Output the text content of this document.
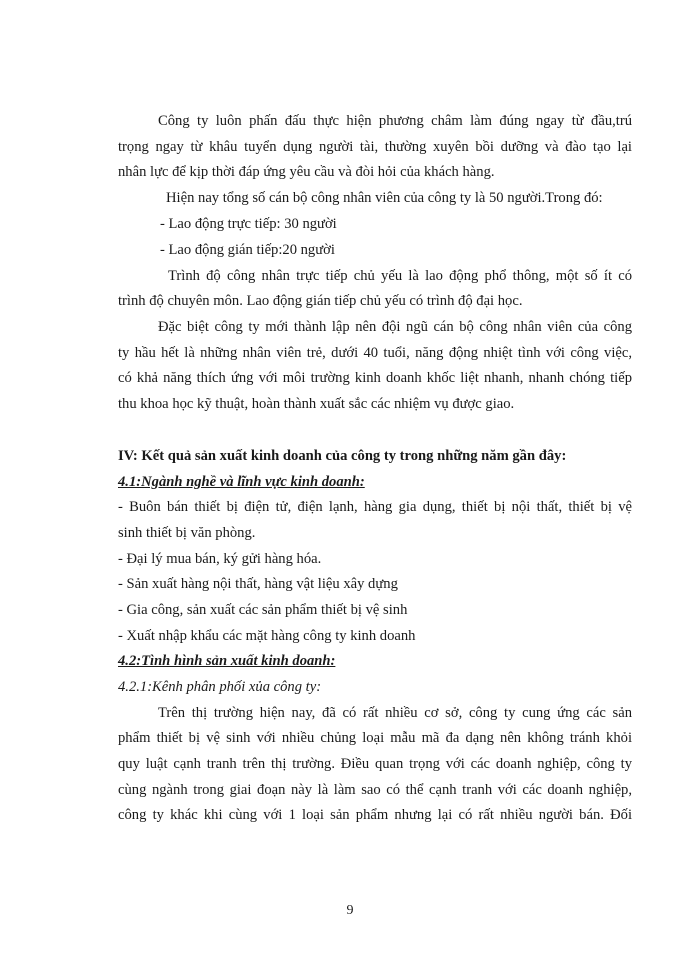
Công ty luôn phấn đấu thực hiện phương châm làm đúng ngay từ đầu,trú
trọng ngay từ khâu tuyển dụng người tài, thường xuyên bồi dưỡng và đào tạo lại
nhân lực để kịp thời đáp ứng yêu cầu và đòi hỏi của khách hàng.
Hiện nay tổng số cán bộ công nhân viên của công ty là 50 người.Trong đó:
- Lao động trực tiếp: 30 người
- Lao động gián tiếp:20 người
Trình độ công nhân trực tiếp chủ yếu là lao động phổ thông, một số ít có
trình độ chuyên môn. Lao động gián tiếp chủ yếu có trình độ đại học.
Đặc biệt công ty mới thành lập nên đội ngũ cán bộ công nhân viên của công
ty hầu hết là những nhân viên trẻ, dưới 40 tuổi, năng động nhiệt tình với công việc,
có khả năng thích ứng với môi trường kinh doanh khốc liệt nhanh, nhanh chóng tiếp
thu khoa học kỹ thuật, hoàn thành xuất sắc các nhiệm vụ được giao.
IV: Kết quả sản xuất kinh doanh của công ty trong những năm gần đây:
4.1:Ngành nghề và lĩnh vực kinh doanh:
- Buôn bán thiết bị điện tử, điện lạnh, hàng gia dụng, thiết bị nội thất, thiết bị vệ
sinh thiết bị văn phòng.
- Đại lý mua bán, ký gửi hàng hóa.
- Sản xuất hàng nội thất, hàng vật liệu xây dựng
- Gia công, sản xuất các sản phẩm thiết bị vệ sinh
- Xuất nhập khẩu các mặt hàng công ty kinh doanh
4.2:Tình hình sản xuất kinh doanh:
4.2.1:Kênh phân phối xủa công ty:
Trên thị trường hiện nay, đã có rất nhiều cơ sở, công ty cung ứng các sản
phẩm thiết bị vệ sinh với nhiều chủng loại mẫu mã đa dạng nên không tránh khỏi
quy luật cạnh tranh trên thị trường. Điều quan trọng với các doanh nghiệp, công ty
cùng ngành trong giai đoạn này là làm sao có thể cạnh tranh với các doanh nghiệp,
công ty khác khi cùng với 1 loại sản phẩm nhưng lại có rất nhiều người bán. Đối
9
